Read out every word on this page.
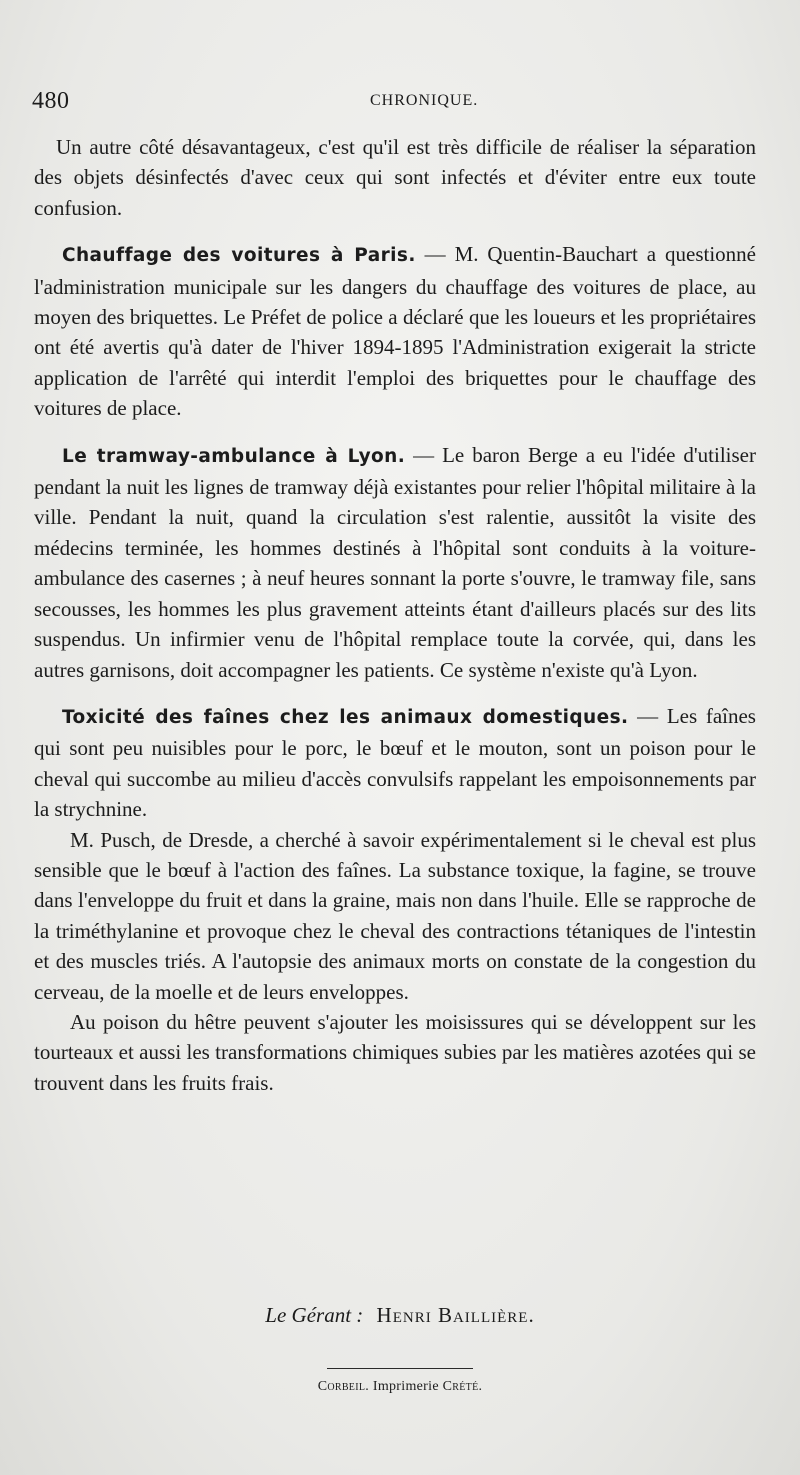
480	CHRONIQUE.

Un autre côté désavantageux, c'est qu'il est très difficile de réaliser la séparation des objets désinfectés d'avec ceux qui sont infectés et d'éviter entre eux toute confusion.

Chauffage des voitures à Paris. — M. Quentin-Bauchart a questionné l'administration municipale sur les dangers du chauffage des voitures de place, au moyen des briquettes. Le Préfet de police a déclaré que les loueurs et les propriétaires ont été avertis qu'à dater de l'hiver 1894-1895 l'Administration exigerait la stricte application de l'arrêté qui interdit l'emploi des briquettes pour le chauffage des voitures de place.

Le tramway-ambulance à Lyon. — Le baron Berge a eu l'idée d'utiliser pendant la nuit les lignes de tramway déjà existantes pour relier l'hôpital militaire à la ville. Pendant la nuit, quand la circulation s'est ralentie, aussitôt la visite des médecins terminée, les hommes destinés à l'hôpital sont conduits à la voiture-ambulance des casernes ; à neuf heures sonnant la porte s'ouvre, le tramway file, sans secousses, les hommes les plus gravement atteints étant d'ailleurs placés sur des lits suspendus. Un infirmier venu de l'hôpital remplace toute la corvée, qui, dans les autres garnisons, doit accompagner les patients. Ce système n'existe qu'à Lyon.

Toxicité des faînes chez les animaux domestiques. — Les faînes qui sont peu nuisibles pour le porc, le bœuf et le mouton, sont un poison pour le cheval qui succombe au milieu d'accès convulsifs rappelant les empoisonnements par la strychnine.

M. Pusch, de Dresde, a cherché à savoir expérimentalement si le cheval est plus sensible que le bœuf à l'action des faînes. La substance toxique, la fagine, se trouve dans l'enveloppe du fruit et dans la graine, mais non dans l'huile. Elle se rapproche de la triméthylanine et provoque chez le cheval des contractions tétaniques de l'intestin et des muscles triés. A l'autopsie des animaux morts on constate de la congestion du cerveau, de la moelle et de leurs enveloppes.

Au poison du hêtre peuvent s'ajouter les moisissures qui se développent sur les tourteaux et aussi les transformations chimiques subies par les matières azotées qui se trouvent dans les fruits frais.

Le Gérant : Henri Baillière.
Corbeil. Imprimerie Crété.
